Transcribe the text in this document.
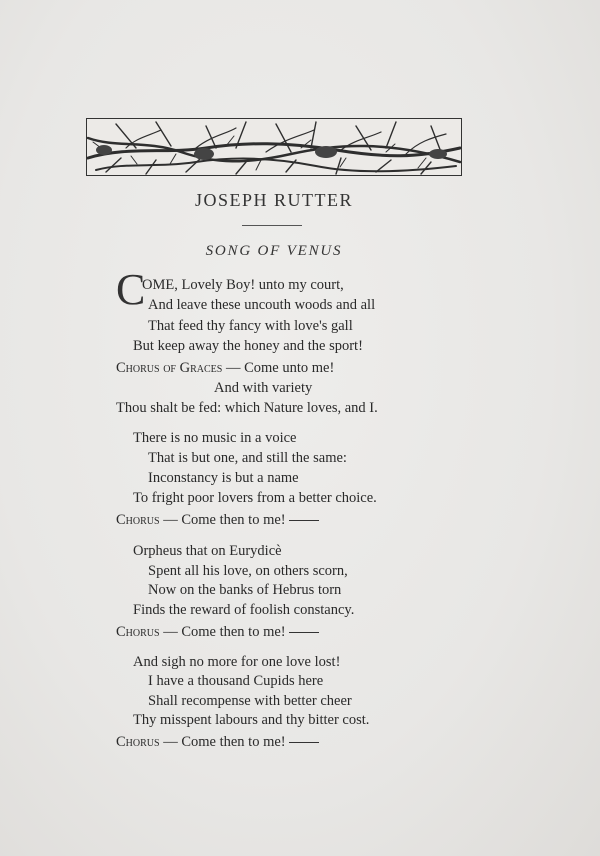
JOSEPH RUTTER
SONG OF VENUS
C
OME, Lovely Boy! unto my court,
And leave these uncouth woods and all
That feed thy fancy with love's gall
But keep away the honey and the sport!
Chorus of Graces — Come unto me!
And with variety
Thou shalt be fed: which Nature loves, and I.
There is no music in a voice
That is but one, and still the same:
Inconstancy is but a name
To fright poor lovers from a better choice.
Chorus — Come then to me!
Orpheus that on Eurydicè
Spent all his love, on others scorn,
Now on the banks of Hebrus torn
Finds the reward of foolish constancy.
Chorus — Come then to me!
And sigh no more for one love lost!
I have a thousand Cupids here
Shall recompense with better cheer
Thy misspent labours and thy bitter cost.
Chorus — Come then to me!
